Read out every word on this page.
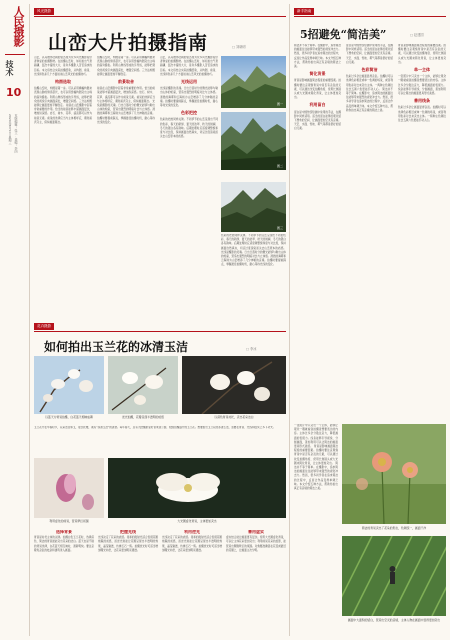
人民摄影
技术
10
2020年4月1日 星期三 本版编辑：张三 · 美编：李四
风光摄影
山峦大片拍摄指南	□ 刘晓明
山峦，以其雄伟壮阔的姿态成为众多风光摄影爱好者钟爱的拍摄题材。在拍摄山峦时，如何拍出气势磅礴、层次丰富的大片，是许多摄影人苦苦追求的目标。本文将结合实际拍摄经验，从构图、前景、光线和色彩几个方面谈谈山峦风光的拍摄技巧。
构图选取
拍摄山峦时，构图是第一步。可以采用横幅构图来表现山脉的绵延起伏，也可以用竖幅构图突出主峰的高耸挺拔。利用山脊线形成的引导线，能够把观众的视线引向画面深处，增强空间感。三分法构图能够让画面更加平衡稳定。 前景在山峦摄影中起着非常重要的作用。恰当的前景能够丰富画面层次，增加纵深感。岩石、树木、花草、溪流都可以作为前景元素。前景的选择应当与主体相呼应，避免喧宾夺主，保持画面简洁。
拍摄山峦时，构图是第一步。可以采用横幅构图来表现山脉的绵延起伏，也可以用竖幅构图突出主峰的高耸挺拔。利用山脊线形成的引导线，能够把观众的视线引向画面深处，增强空间感。三分法构图能够让画面更加平衡稳定。
前景取舍
前景在山峦摄影中起着非常重要的作用。恰当的前景能够丰富画面层次，增加纵深感。岩石、树木、花草、溪流都可以作为前景元素。前景的选择应当与主体相呼应，避免喧宾夺主，保持画面简洁。 光线是摄影的灵魂。日出日落时分的侧光能够勾勒出山体的轮廓，营造出强烈的明暗对比与立体感。清晨的薄雾和云海则为山峦增添了几分神秘的意境。拍摄时要提前踩点，掌握最佳拍摄时机，耐心等待光线的变化。
山峦，以其雄伟壮阔的姿态成为众多风光摄影爱好者钟爱的拍摄题材。在拍摄山峦时，如何拍出气势磅礴、层次丰富的大片，是许多摄影人苦苦追求的目标。本文将结合实际拍摄经验，从构图、前景、光线和色彩几个方面谈谈山峦风光的拍摄技巧。
光线运用
光线是摄影的灵魂。日出日落时分的侧光能够勾勒出山体的轮廓，营造出强烈的明暗对比与立体感。清晨的薄雾和云海则为山峦增添了几分神秘的意境。拍摄时要提前踩点，掌握最佳拍摄时机，耐心等待光线的变化。
色彩把控
色彩的把控同样关键。不同季节的山峦呈现出不同的色彩，春天的新绿、夏天的浓翠、秋天的斑斓、冬天的银白各有韵味。后期处理时应适度调整饱和度与对比度，保持画面自然真实，切忌过度渲染而失去山峦原本的质感。
图一
图二
图三
色彩的把控同样关键。不同季节的山峦呈现出不同的色彩，春天的新绿、夏天的浓翠、秋天的斑斓、冬天的银白各有韵味。后期处理时应适度调整饱和度与对比度，保持画面自然真实，切忌过度渲染而失去山峦原本的质感。 光线是摄影的灵魂。日出日落时分的侧光能够勾勒出山体的轮廓，营造出强烈的明暗对比与立体感。清晨的薄雾和云海则为山峦增添了几分神秘的意境。拍摄时要提前踩点，掌握最佳拍摄时机，耐心等待光线的变化。
花卉摄影
如何拍出玉兰花的冰清玉洁	□ 李冰
以蓝天为背景拍摄，白花蓝天相映成趣	逆光拍摄，花瓣呈现半透明的质感	以深色背景衬托，突出花朵洁白
利用虚化的前景，营造梦幻氛围	大光圈虚化背景，主体更加突出
玉兰花开在早春时节，花朵洁白如玉，姿态优雅，素有“冰清玉洁”的美誉。每年春天，总有大批摄影爱好者来到公园、校园拍摄盛开的玉兰花。想要拍出玉兰花的冰清玉洁，需要在背景、光线和虚实上多下功夫。
选择背景
背景是衬托主体的关键。拍摄白色玉兰花时，选择深色、简洁的背景最能突出花朵的洁白。蓝天也是不错的背景选择，白花蓝天相互映衬，清新明快。要注意避免杂乱的枝条和建筑进入画面。
把握光线
光线决定了花朵的质感。柔和的散射光适合表现花瓣细腻的质感，而逆光则能让花瓣呈现出半透明的效果，晶莹剔透，仿佛玉石一般。拍摄逆光时可适当增加曝光补偿，让花朵更加明亮通透。
利用逆光
光线决定了花朵的质感。柔和的散射光适合表现花瓣细腻的质感，而逆光则能让花瓣呈现出半透明的效果，晶莹剔透，仿佛玉石一般。拍摄逆光时可适当增加曝光补偿，让花朵更加明亮通透。
善用虚实
虚实结合能让画面更有层次。使用大光圈虚化背景，可以让主体花朵更加突出；利用前景花朵的虚影，能营造出朦胧梦幻的氛围。对焦要准确落在花蕊或最近的花瓣上，让画面主次分明。
新手指南
5招避免“简洁美”	□ 赵建国
简洁并不等于简单。在摄影中，追求简洁的画面往往能够带来强烈的视觉冲击力。然而，很多初学者在追求简洁的过程中，反而让作品变得单调乏味。本文介绍五种方法，帮助你拍出真正有意境的简洁之美。
简化背景
背景是影响画面简洁程度的重要因素。拍摄时要注意观察背景中是否有杂乱的元素，可以通过改变拍摄角度、使用长焦镜头或大光圈来简化背景，让主体更加突出。
利用留白
留白是中国传统绘画中常用的手法，在摄影中同样适用。适当的留白能够给观众留下想象的空间，让画面更加空灵有意境。天空、水面、雪地、雾气等都是很好的留白元素。
留白是中国传统绘画中常用的手法，在摄影中同样适用。适当的留白能够给观众留下想象的空间，让画面更加空灵有意境。天空、水面、雪地、雾气等都是很好的留白元素。
色彩简洁
色彩过多会让画面显得杂乱。拍摄时可以选择色彩相近或单一色调的场景，或者利用色彩对比来突出主体。一两种主色调往往比五颜六色更能打动人心。 简洁并不等于简单。在摄影中，追求简洁的画面往往能够带来强烈的视觉冲击力。然而，很多初学者在追求简洁的过程中，反而让作品变得单调乏味。本文介绍五种方法，帮助你拍出真正有意境的简洁之美。
背景是影响画面简洁程度的重要因素。拍摄时要注意观察背景中是否有杂乱的元素，可以通过改变拍摄角度、使用长焦镜头或大光圈来简化背景，让主体更加突出。
单一主体
一张照片中只突出一个主体，能够让观众一眼就看到拍摄者想要表达的内容。主体过多会分散注意力，降低画面的表现力。线条能够引导视线、分割画面，善加利用可以让简洁的画面更具形式美感。
善用线条
色彩过多会让画面显得杂乱。拍摄时可以选择色彩相近或单一色调的场景，或者利用色彩对比来突出主体。一两种主色调往往比五颜六色更能打动人心。
简洁的背景突出了花朵的形态，色调统一，画面干净
画面中大面积的留白，营造出空灵的意境，主体人物在画面中显得更加突出
一张照片中只突出一个主体，能够让观众一眼就看到拍摄者想要表达的内容。主体过多会分散注意力，降低画面的表现力。线条能够引导视线、分割画面，善加利用可以让简洁的画面更具形式美感。 背景是影响画面简洁程度的重要因素。拍摄时要注意观察背景中是否有杂乱的元素，可以通过改变拍摄角度、使用长焦镜头或大光圈来简化背景，让主体更加突出。 简洁并不等于简单。在摄影中，追求简洁的画面往往能够带来强烈的视觉冲击力。然而，很多初学者在追求简洁的过程中，反而让作品变得单调乏味。本文介绍五种方法，帮助你拍出真正有意境的简洁之美。
